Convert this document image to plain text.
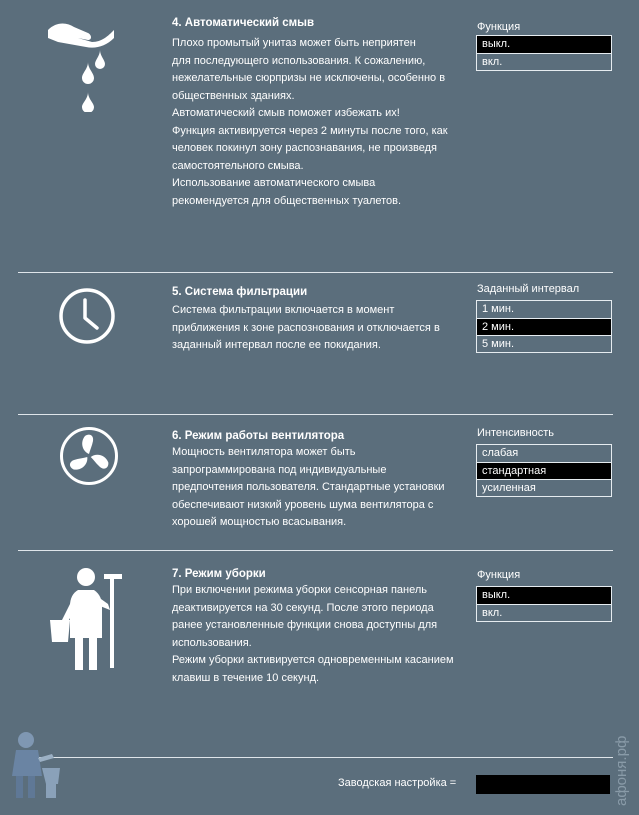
4. Автоматический смыв

Плохо промытый унитаз может быть неприятен

для последующего использования. К сожалению,

нежелательные сюрпризы не исключены, особенно в

общественных зданиях.

Автоматический смыв поможет избежать их!

Функция активируется через 2 минуты после того, как

человек покинул зону распознавания, не произведя

самостоятельного смыва.

Использование автоматического смыва

рекомендуется для общественных туалетов.

Функция
выкл.
вкл.
5. Система фильтрации

Система фильтрации включается в момент

приближения к зоне распознования и отключается в

заданный интервал после ее покидания.

Заданный интервал
1 мин.
2 мин.
5 мин.
6. Режим работы вентилятора

Мощность вентилятора может быть

запрограммирована под индивидуальные

предпочтения пользователя. Стандартные установки

обеспечивают низкий уровень шума вентилятора с

хорошей мощностью всасывания.

Интенсивность
слабая
стандартная
усиленная
7. Режим уборки

При включении режима уборки сенсорная панель

деактивируется на 30 секунд. После этого периода

ранее установленные функции снова доступны для

использования.

Режим уборки активируется одновременным касанием

клавиш в течение 10 секунд.

Функция
выкл.
вкл.
Заводская настройка =	афоня.рф
